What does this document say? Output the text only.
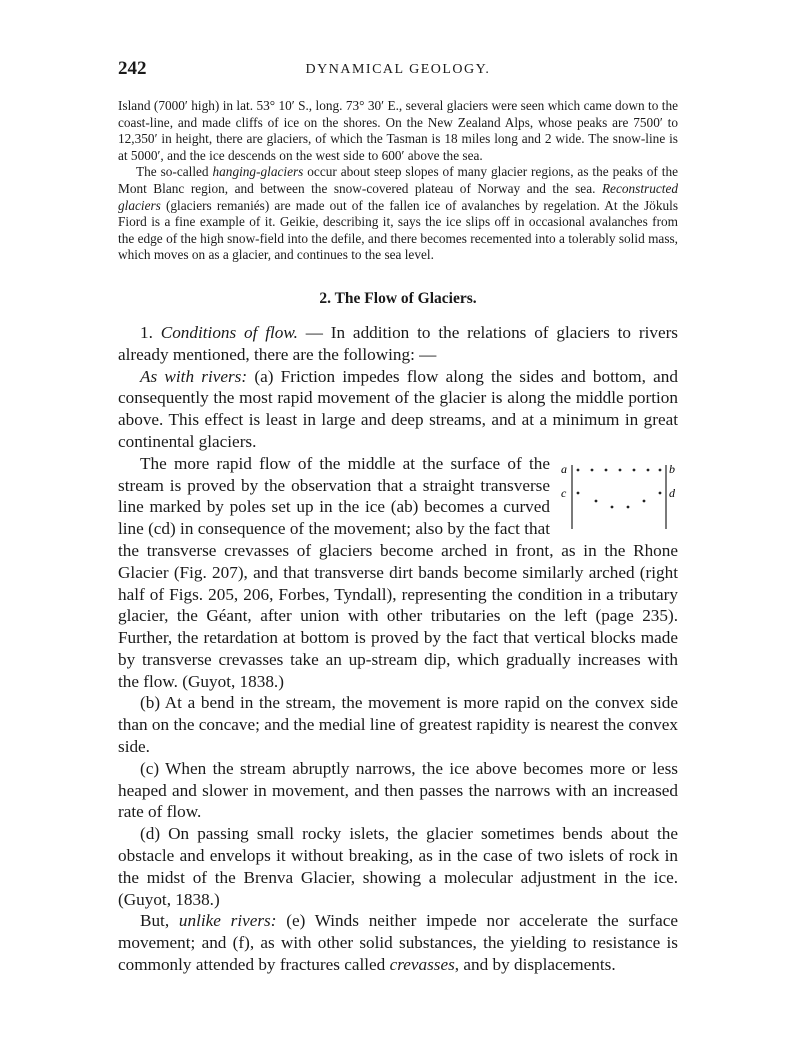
242	DYNAMICAL GEOLOGY.

Island (7000′ high) in lat. 53° 10′ S., long. 73° 30′ E., several glaciers were seen which came down to the coast-line, and made cliffs of ice on the shores. On the New Zealand Alps, whose peaks are 7500′ to 12,350′ in height, there are glaciers, of which the Tasman is 18 miles long and 2 wide. The snow-line is at 5000′, and the ice descends on the west side to 600′ above the sea.

The so-called hanging-glaciers occur about steep slopes of many glacier regions, as the peaks of the Mont Blanc region, and between the snow-covered plateau of Norway and the sea. Reconstructed glaciers (glaciers remaniés) are made out of the fallen ice of avalanches by regelation. At the Jökuls Fiord is a fine example of it. Geikie, describing it, says the ice slips off in occasional avalanches from the edge of the high snow-field into the defile, and there becomes recemented into a tolerably solid mass, which moves on as a glacier, and continues to the sea level.

2. The Flow of Glaciers.

1. Conditions of flow. — In addition to the relations of glaciers to rivers already mentioned, there are the following: —

As with rivers: (a) Friction impedes flow along the sides and bottom, and consequently the most rapid movement of the glacier is along the middle portion above. This effect is least in large and deep streams, and at a minimum in great continental glaciers.

a	b
c	d
The more rapid flow of the middle at the surface of the stream is proved by the observation that a straight transverse line marked by poles set up in the ice (ab) becomes a curved line (cd) in consequence of the movement; also by the fact that the transverse crevasses of glaciers become arched in front, as in the Rhone Glacier (Fig. 207), and that transverse dirt bands become similarly arched (right half of Figs. 205, 206, Forbes, Tyndall), representing the condition in a tributary glacier, the Géant, after union with other tributaries on the left (page 235). Further, the retardation at bottom is proved by the fact that vertical blocks made by transverse crevasses take an up-stream dip, which gradually increases with the flow. (Guyot, 1838.)

(b) At a bend in the stream, the movement is more rapid on the convex side than on the concave; and the medial line of greatest rapidity is nearest the convex side.

(c) When the stream abruptly narrows, the ice above becomes more or less heaped and slower in movement, and then passes the narrows with an increased rate of flow.

(d) On passing small rocky islets, the glacier sometimes bends about the obstacle and envelops it without breaking, as in the case of two islets of rock in the midst of the Brenva Glacier, showing a molecular adjustment in the ice. (Guyot, 1838.)

But, unlike rivers: (e) Winds neither impede nor accelerate the surface movement; and (f), as with other solid substances, the yielding to resistance is commonly attended by fractures called crevasses, and by displacements.
